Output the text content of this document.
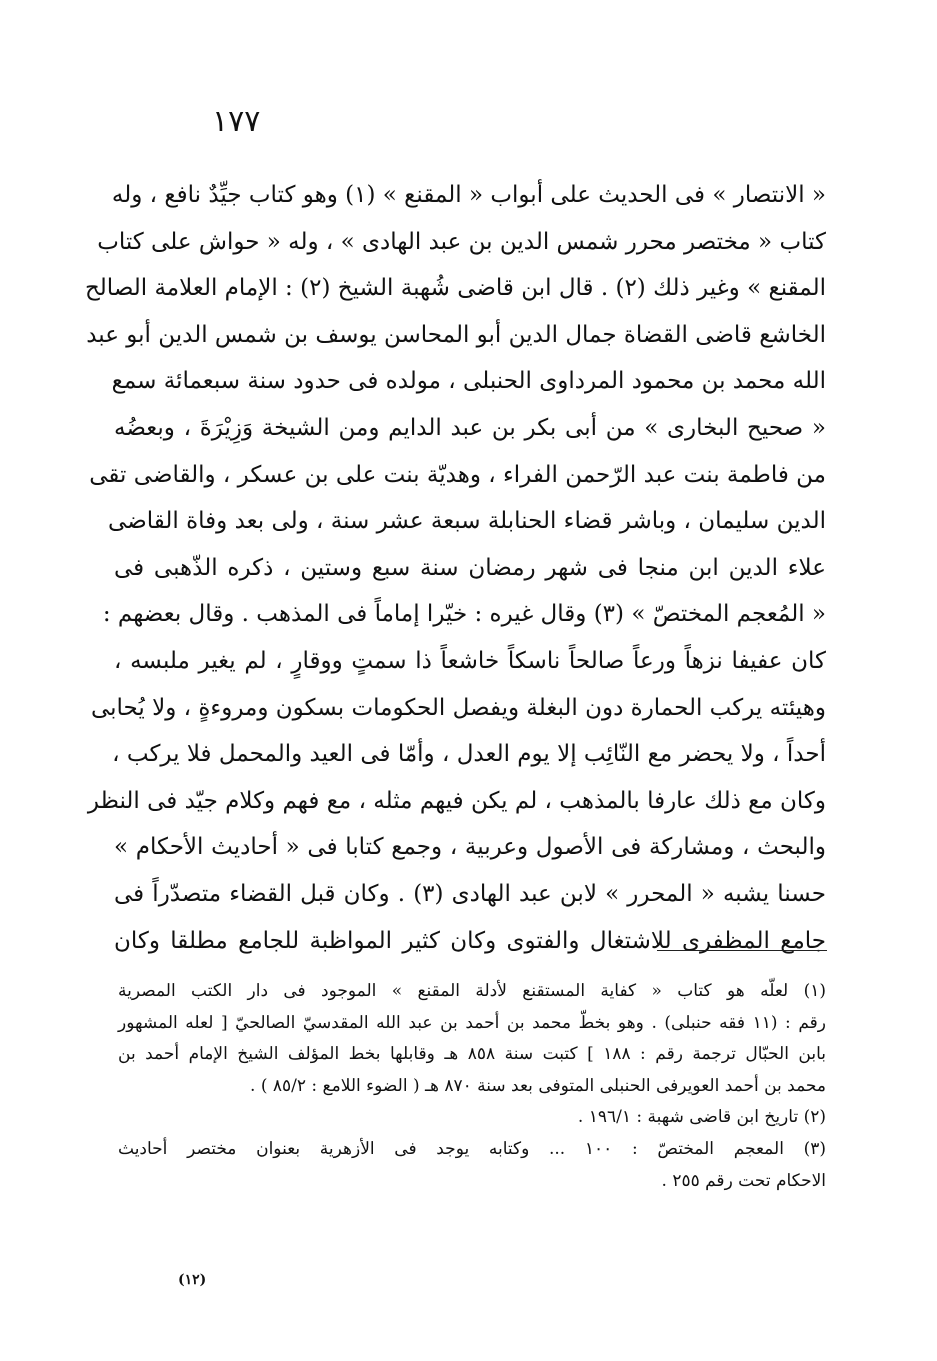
١٧٧
« الانتصار » فى الحديث على أبواب « المقنع » (١) وهو كتاب جيِّدٌ نافع ، وله
كتاب « مختصر محرر شمس الدين بن عبد الهادى » ، وله « حواش على كتاب
المقنع » وغير ذلك (٢) . قال ابن قاضى شُهبة الشيخ (٢) : الإمام العلامة الصالح
الخاشع قاضى القضاة جمال الدين أبو المحاسن يوسف بن شمس الدين أبو عبد
الله محمد بن محمود المرداوى الحنبلى ، مولده فى حدود سنة سبعمائة سمع
« صحيح البخارى » من أبى بكر بن عبد الدايم ومن الشيخة وَزِيْرَةَ ، وبعضُه
من فاطمة بنت عبد الرّحمن الفراء ، وهديّة بنت على بن عسكر ، والقاضى تقى
الدين سليمان ، وباشر قضاء الحنابلة سبعة عشر سنة ، ولى بعد وفاة القاضى
علاء الدين ابن منجا فى شهر رمضان سنة سبع وستين ، ذكره الذّهبى فى
« المُعجم المختصّ » (٣) وقال غيره : خيّرا إماماً فى المذهب . وقال بعضهم :
كان عفيفا نزهاً ورعاً صالحاً ناسكاً خاشعاً ذا سمتٍ ووقارٍ ، لم يغير ملبسه ،
وهيئته يركب الحمارة دون البغلة ويفصل الحكومات بسكون ومروءةٍ ، ولا يُحابى
أحداً ، ولا يحضر مع النّائِب إلا يوم العدل ، وأمّا فى العيد والمحمل فلا يركب ،
وكان مع ذلك عارفا بالمذهب ، لم يكن فيهم مثله ، مع فهم وكلام جيّد فى النظر
والبحث ، ومشاركة فى الأصول وعربية ، وجمع كتابا فى « أحاديث الأحكام »
حسنا يشبه « المحرر » لابن عبد الهادى (٣) . وكان قبل القضاء متصدّراً فى
جامع المظفرى للاشتغال والفتوى وكان كثير المواظبة للجامع مطلقا وكان
(١) لعلّه هو كتاب « كفاية المستقنع لأدلة المقنع » الموجود فى دار الكتب المصرية
رقم : (١١ فقه حنبلى) . وهو بخطّ محمد بن أحمد بن عبد الله المقدسيّ الصالحيّ [ لعله المشهور
بابن الحبّال ترجمة رقم : ١٨٨ ] كتبت سنة ٨٥٨ هـ وقابلها بخط المؤلف الشيخ الإمام أحمد بن
محمد بن أحمد العويرفى الحنبلى المتوفى بعد سنة ٨٧٠ هـ ( الضوء اللامع : ٨٥/٢ ) .
(٢) تاريخ ابن قاضى شهبة : ١٩٦/١ .
(٣) المعجم المختصّ : ١٠٠ ... وكتابه يوجد فى الأزهرية بعنوان مختصر أحاديث
الاحكام تحت رقم ٢٥٥ .
(١٢)
